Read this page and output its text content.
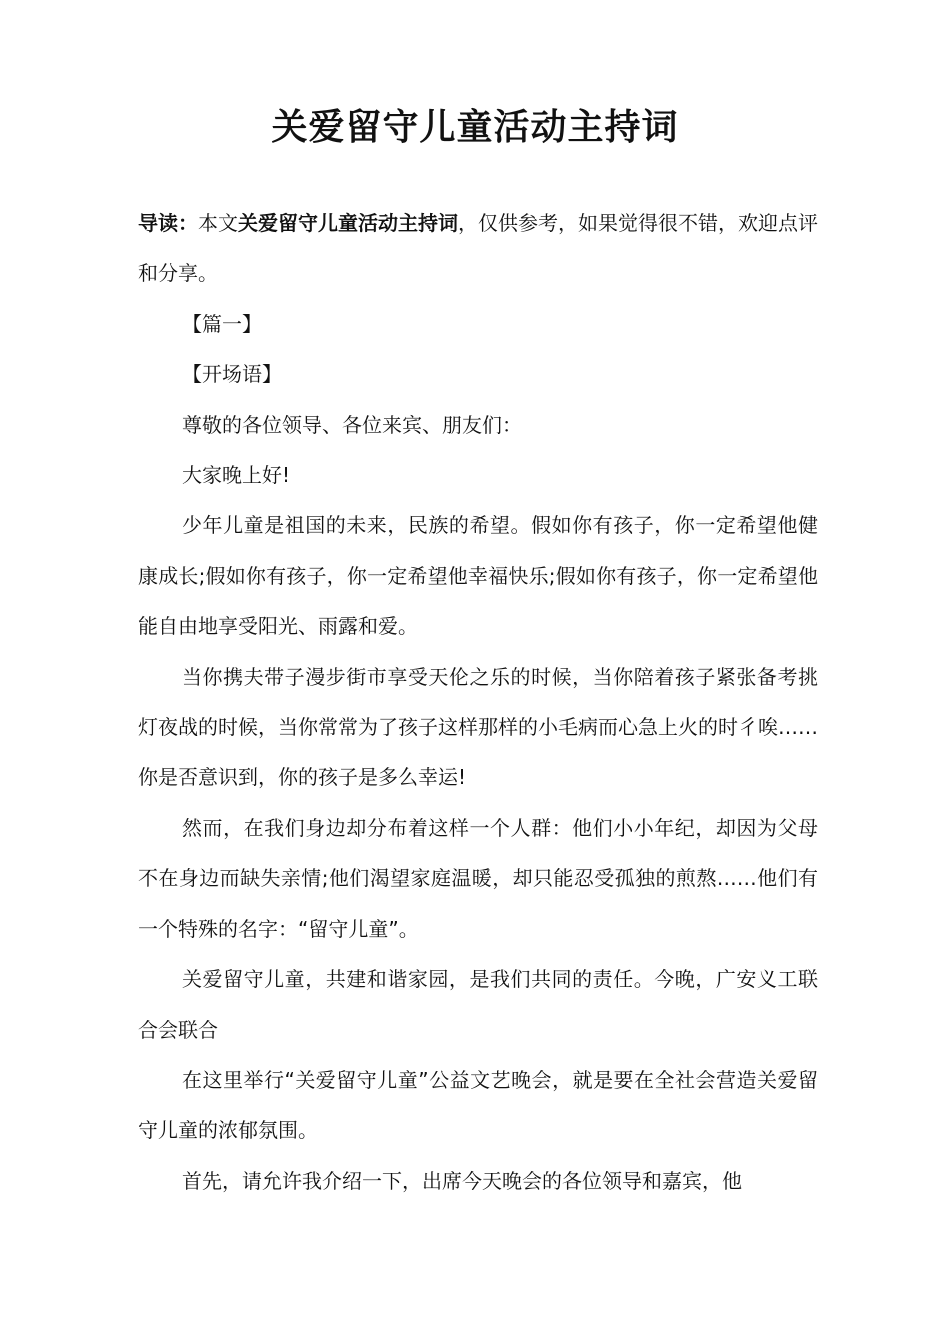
关爱留守儿童活动主持词

导读：本文关爱留守儿童活动主持词，仅供参考，如果觉得很不错，欢迎点评和分享。

【篇一】

【开场语】

尊敬的各位领导、各位来宾、朋友们：

大家晚上好!

少年儿童是祖国的未来，民族的希望。假如你有孩子，你一定希望他健康成长;假如你有孩子，你一定希望他幸福快乐;假如你有孩子，你一定希望他能自由地享受阳光、雨露和爱。

当你携夫带子漫步街市享受天伦之乐的时候，当你陪着孩子紧张备考挑灯夜战的时候，当你常常为了孩子这样那样的小毛病而心急上火的时彳唉……你是否意识到，你的孩子是多么幸运!

然而，在我们身边却分布着这样一个人群：他们小小年纪，却因为父母不在身边而缺失亲情;他们渴望家庭温暖，却只能忍受孤独的煎熬……他们有一个特殊的名字：“留守儿童”。

关爱留守儿童，共建和谐家园，是我们共同的责任。今晚，广安义工联合会联合

在这里举行“关爱留守儿童”公益文艺晚会，就是要在全社会营造关爱留守儿童的浓郁氛围。

首先，请允许我介绍一下，出席今天晚会的各位领导和嘉宾，他
